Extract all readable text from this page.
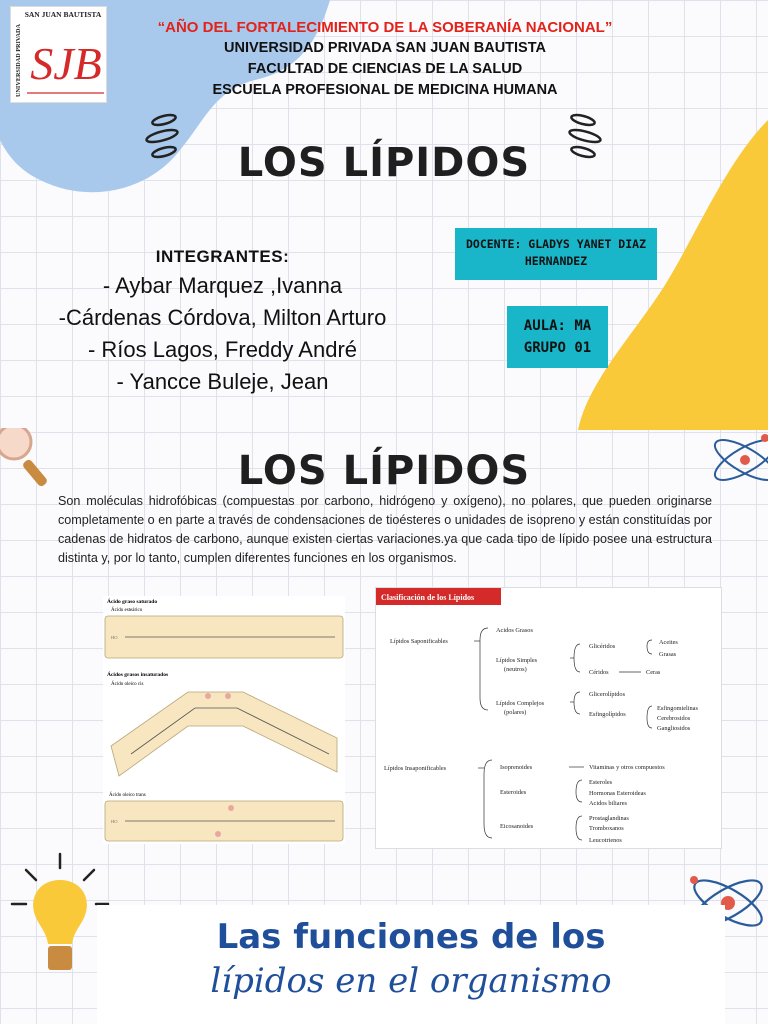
SAN JUAN BAUTISTA
UNIVERSIDAD PRIVADA SJB
“AÑO DEL FORTALECIMIENTO DE LA SOBERANÍA NACIONAL”
UNIVERSIDAD PRIVADA SAN JUAN BAUTISTA
FACULTAD DE CIENCIAS DE LA SALUD
ESCUELA PROFESIONAL DE MEDICINA HUMANA
LOS LÍPIDOS
INTEGRANTES:
- Aybar Marquez ,Ivanna
-Cárdenas Córdova, Milton Arturo
- Ríos Lagos, Freddy André
- Yancce Buleje, Jean
DOCENTE: GLADYS YANET DIAZ
HERNANDEZ
AULA: MA
GRUPO 01
LOS LÍPIDOS
Son moléculas hidrofóbicas (compuestas por carbono, hidrógeno y oxígeno), no polares, que pueden originarse completamente o en parte a través de condensaciones de tioésteres o unidades de isopreno y están constituídas por cadenas de hidratos de carbono, aunque existen ciertas variaciones.ya que cada tipo de lípido posee una estructura distinta y, por lo tanto, cumplen diferentes funciones en los organismos.
Ácido graso saturado
Ácido esteárico
HO
Ácidos grasos insaturados
Ácido oleico cis
Ácido oleico trans
HO
Clasificación de los Lípidos
Lípidos Saponificables
Acidos Grasos
Lípidos Simples
(neutros)
Glicéridos
Aceites
Grasas
Céridos	Ceras
Lípidos Complejos
(polares)
Glicerolípidos
Esfingolípidos
Esfingomielinas
Cerebrosidos
Gangliosidos
Lípidos Insaponificables	Isoprenoides	Vitaminas y otros compuestos
Esteroides
Esteroles
Hormonas Esteroideas
Acidos biliares
Eicosanoides
Prostaglandinas
Tromboxanos
Leucotrienos
Las funciones de los
lípidos en el organismo
